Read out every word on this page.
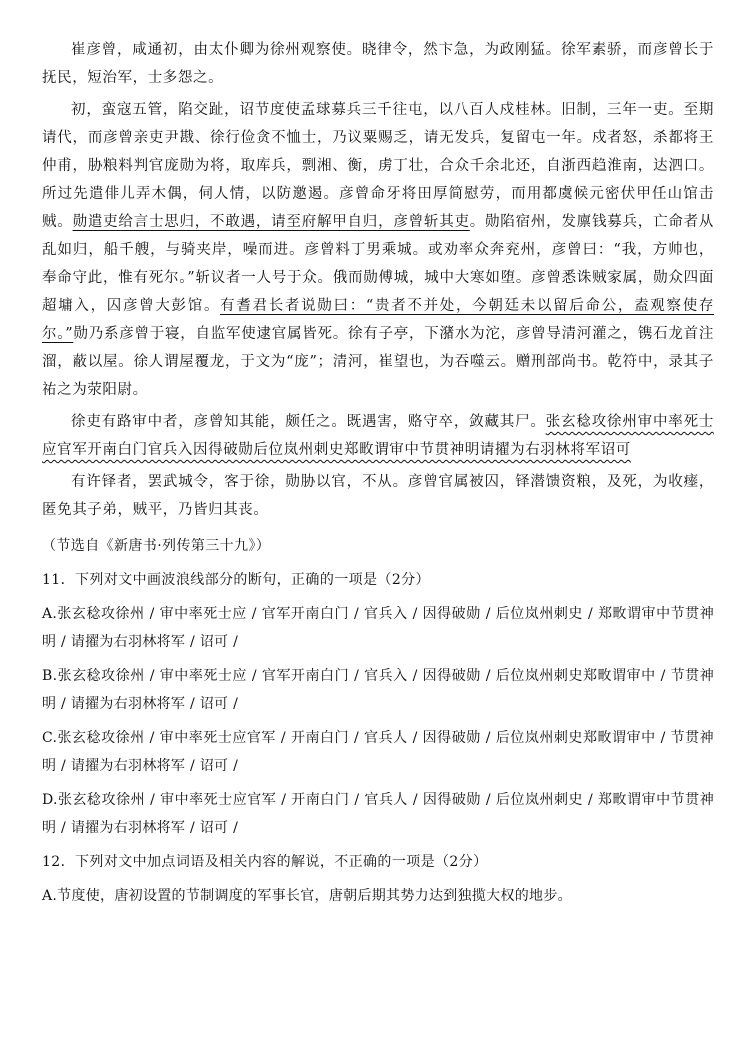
崔彦曾，咸通初，由太仆卿为徐州观察使。晓律令，然卞急，为政刚猛。徐军素骄，而彦曾长于抚民，短治军，士多怨之。

初，蛮寇五管，陷交趾，诏节度使孟球募兵三千往屯，以八百人戍桂林。旧制，三年一吏。至期请代，而彦曾亲吏尹戡、徐行俭贪不恤士，乃议粟赐乏，请无发兵，复留屯一年。戍者怒，杀都将王仲甫，胁粮料判官庞勋为将，取库兵，剽湘、衡，虏丁壮，合众千余北还，自浙西趋淮南，达泗口。所过先遣俳儿弄木偶，伺人情，以防邀遏。彦曾命牙将田厚简慰劳，而用都虞候元密伏甲任山馆击贼。勋遣吏给言士思归，不敢遇，请至府解甲自归，彦曾斩其吏。勋陷宿州，发廪钱募兵，亡命者从乱如归，船千艘，与骑夹岸，噪而进。彦曾料丁男乘城。或劝率众奔兖州，彦曾曰：“我，方帅也，奉命守此，惟有死尔。”斩议者一人号于众。俄而勋傅城，城中大寒如堕。彦曾悉诛贼家属，勋众四面超墉入，囚彦曾大彭馆。有耆君长者说勋曰：“贵者不并处，今朝廷未以留后命公，盍观察使存尔。”勋乃系彦曾于寝，自监军使逮官属皆死。徐有子亭，下潴水为沱，彦曾导清河灌之，镌石龙首注溜，蔽以屋。徐人谓屋覆龙，于文为“庞”；清河，崔望也，为吞噬云。赠刑部尚书。乾符中，录其子祐之为荥阳尉。

徐吏有路审中者，彦曾知其能，颇任之。既遇害，赂守卒，敛藏其尸。张玄稔攻徐州审中率死士应官军开南白门官兵入因得破勋后位岚州刺史郑畋谓审中节贯神明请擢为右羽林将军诏可

有许铎者，罢武城令，客于徐，勋胁以官，不从。彦曾官属被囚，铎潜馈资粮，及死，为收瘗，匿免其子弟，贼平，乃皆归其丧。

（节选自《新唐书·列传第三十九》）

11．下列对文中画波浪线部分的断句，正确的一项是（2分）

A.张玄稔攻徐州 / 审中率死士应 / 官军开南白门 / 官兵入 / 因得破勋 / 后位岚州刺史 / 郑畋谓审中节贯神明 / 请擢为右羽林将军 / 诏可 /

B.张玄稔攻徐州 / 审中率死士应 / 官军开南白门 / 官兵入 / 因得破勋 / 后位岚州刺史郑畋谓审中 / 节贯神明 / 请擢为右羽林将军 / 诏可 /

C.张玄稔攻徐州 / 审中率死士应官军 / 开南白门 / 官兵人 / 因得破勋 / 后位岚州刺史郑畋谓审中 / 节贯神明 / 请擢为右羽林将军 / 诏可 /

D.张玄稔攻徐州 / 审中率死士应官军 / 开南白门 / 官兵人 / 因得破勋 / 后位岚州刺史 / 郑畋谓审中节贯神明 / 请擢为右羽林将军 / 诏可 /

12．下列对文中加点词语及相关内容的解说，不正确的一项是（2分）

A.节度使，唐初设置的节制调度的军事长官，唐朝后期其势力达到独揽大权的地步。
